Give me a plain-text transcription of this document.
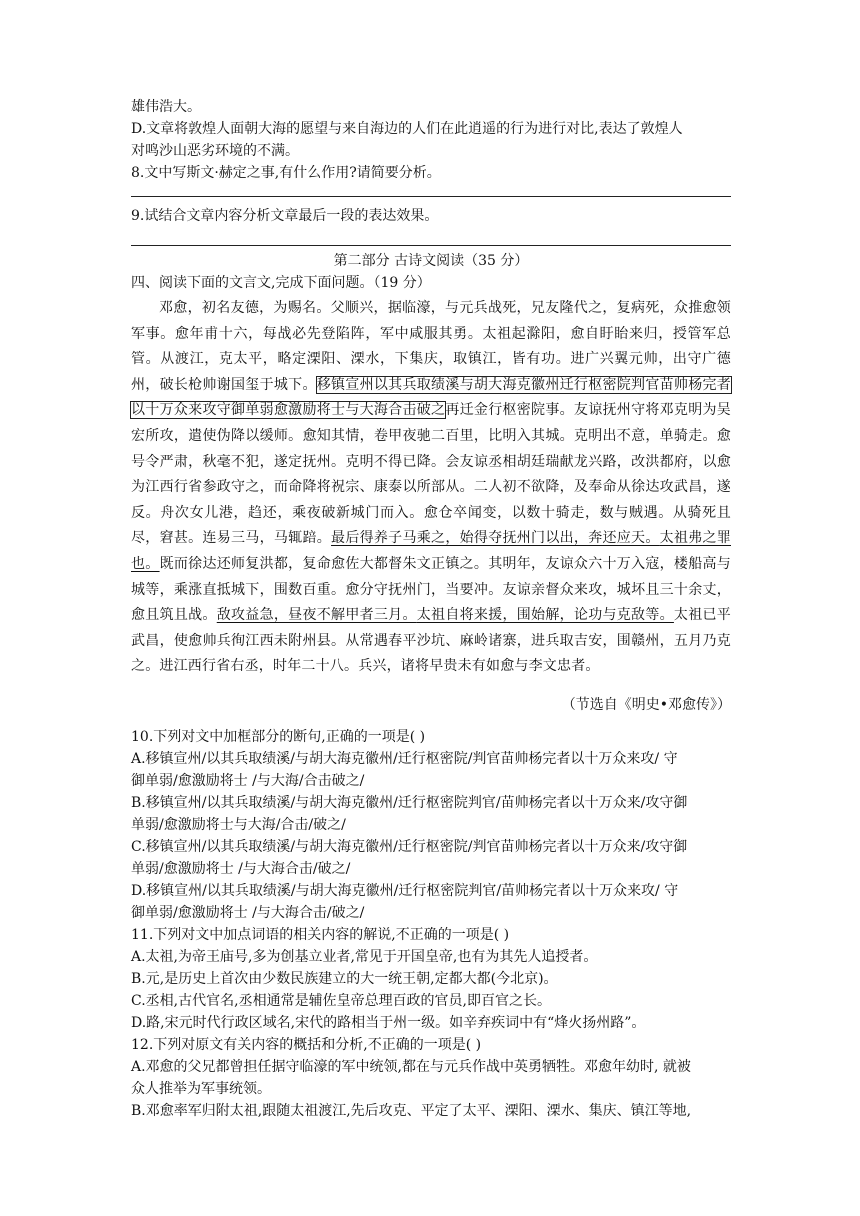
雄伟浩大。
D.文章将敦煌人面朝大海的愿望与来自海边的人们在此逍遥的行为进行对比,表达了敦煌人
对鸣沙山恶劣环境的不满。
8.文中写斯文·赫定之事,有什么作用?请简要分析。
9.试结合文章内容分析文章最后一段的表达效果。
第二部分 古诗文阅读（35 分）
四、阅读下面的文言文,完成下面问题。（19 分）
邓愈，初名友德，为赐名。父顺兴，据临濠，与元兵战死，兄友隆代之，复病死，众推愈领军事。愈年甫十六，每战必先登陷阵，军中咸服其勇。太祖起滁阳，愈自盱眙来归，授管军总管。从渡江，克太平，略定溧阳、溧水，下集庆，取镇江，皆有功。进广兴翼元帅，出守广德州，破长枪帅谢国玺于城下。移镇宣州以其兵取绩溪与胡大海克徽州迁行枢密院判官苗帅杨完者以十万众来攻守御单弱愈激励将士与大海合击破之再迁金行枢密院事。友谅抚州守将邓克明为吴宏所攻，遣使伪降以缓师。愈知其情，卷甲夜驰二百里，比明入其城。克明出不意，单骑走。愈号令严肃，秋毫不犯，遂定抚州。克明不得已降。会友谅丞相胡廷瑞献龙兴路，改洪都府，以愈为江西行省参政守之，而命降将祝宗、康泰以所部从。二人初不欲降，及奉命从徐达攻武昌，遂反。舟次女儿港，趋还，乘夜破新城门而入。愈仓卒闻变，以数十骑走，数与贼遇。从骑死且尽，窘甚。连易三马，马辄踣。最后得养子马乘之，始得夺抚州门以出，奔还应天。太祖弗之罪也。既而徐达还师复洪都，复命愈佐大都督朱文正镇之。其明年，友谅众六十万入寇，楼船高与城等，乘涨直抵城下，围数百重。愈分守抚州门，当要冲。友谅亲督众来攻，城坏且三十余丈，愈且筑且战。敌攻益急，昼夜不解甲者三月。太祖自将来援，围始解，论功与克敌等。太祖已平武昌，使愈帅兵徇江西未附州县。从常遇春平沙坑、麻岭诸寨，进兵取吉安，围赣州，五月乃克之。进江西行省右丞，时年二十八。兵兴，诸将早贵未有如愈与李文忠者。
（节选自《明史•邓愈传》）
10.下列对文中加框部分的断句,正确的一项是( )
A.移镇宣州/以其兵取绩溪/与胡大海克徽州/迁行枢密院/判官苗帅杨完者以十万众来攻/ 守
御单弱/愈激励将士 /与大海/合击破之/
B.移镇宣州/以其兵取绩溪/与胡大海克徽州/迁行枢密院判官/苗帅杨完者以十万众来/攻守御
单弱/愈激励将士与大海/合击/破之/
C.移镇宣州/以其兵取绩溪/与胡大海克徽州/迁行枢密院/判官苗帅杨完者以十万众来/攻守御
单弱/愈激励将士 /与大海合击/破之/
D.移镇宣州/以其兵取绩溪/与胡大海克徽州/迁行枢密院判官/苗帅杨完者以十万众来攻/ 守
御单弱/愈激励将士 /与大海合击/破之/
11.下列对文中加点词语的相关内容的解说,不正确的一项是( )
A.太祖,为帝王庙号,多为创基立业者,常见于开国皇帝,也有为其先人追授者。
B.元,是历史上首次由少数民族建立的大一统王朝,定都大都(今北京)。
C.丞相,古代官名,丞相通常是辅佐皇帝总理百政的官员,即百官之长。
D.路,宋元时代行政区域名,宋代的路相当于州一级。如辛弃疾词中有“烽火扬州路”。
12.下列对原文有关内容的概括和分析,不正确的一项是( )
A.邓愈的父兄都曾担任据守临濠的军中统领,都在与元兵作战中英勇牺牲。邓愈年幼时, 就被
众人推举为军事统领。
B.邓愈率军归附太祖,跟随太祖渡江,先后攻克、平定了太平、溧阳、溧水、集庆、镇江等地,
